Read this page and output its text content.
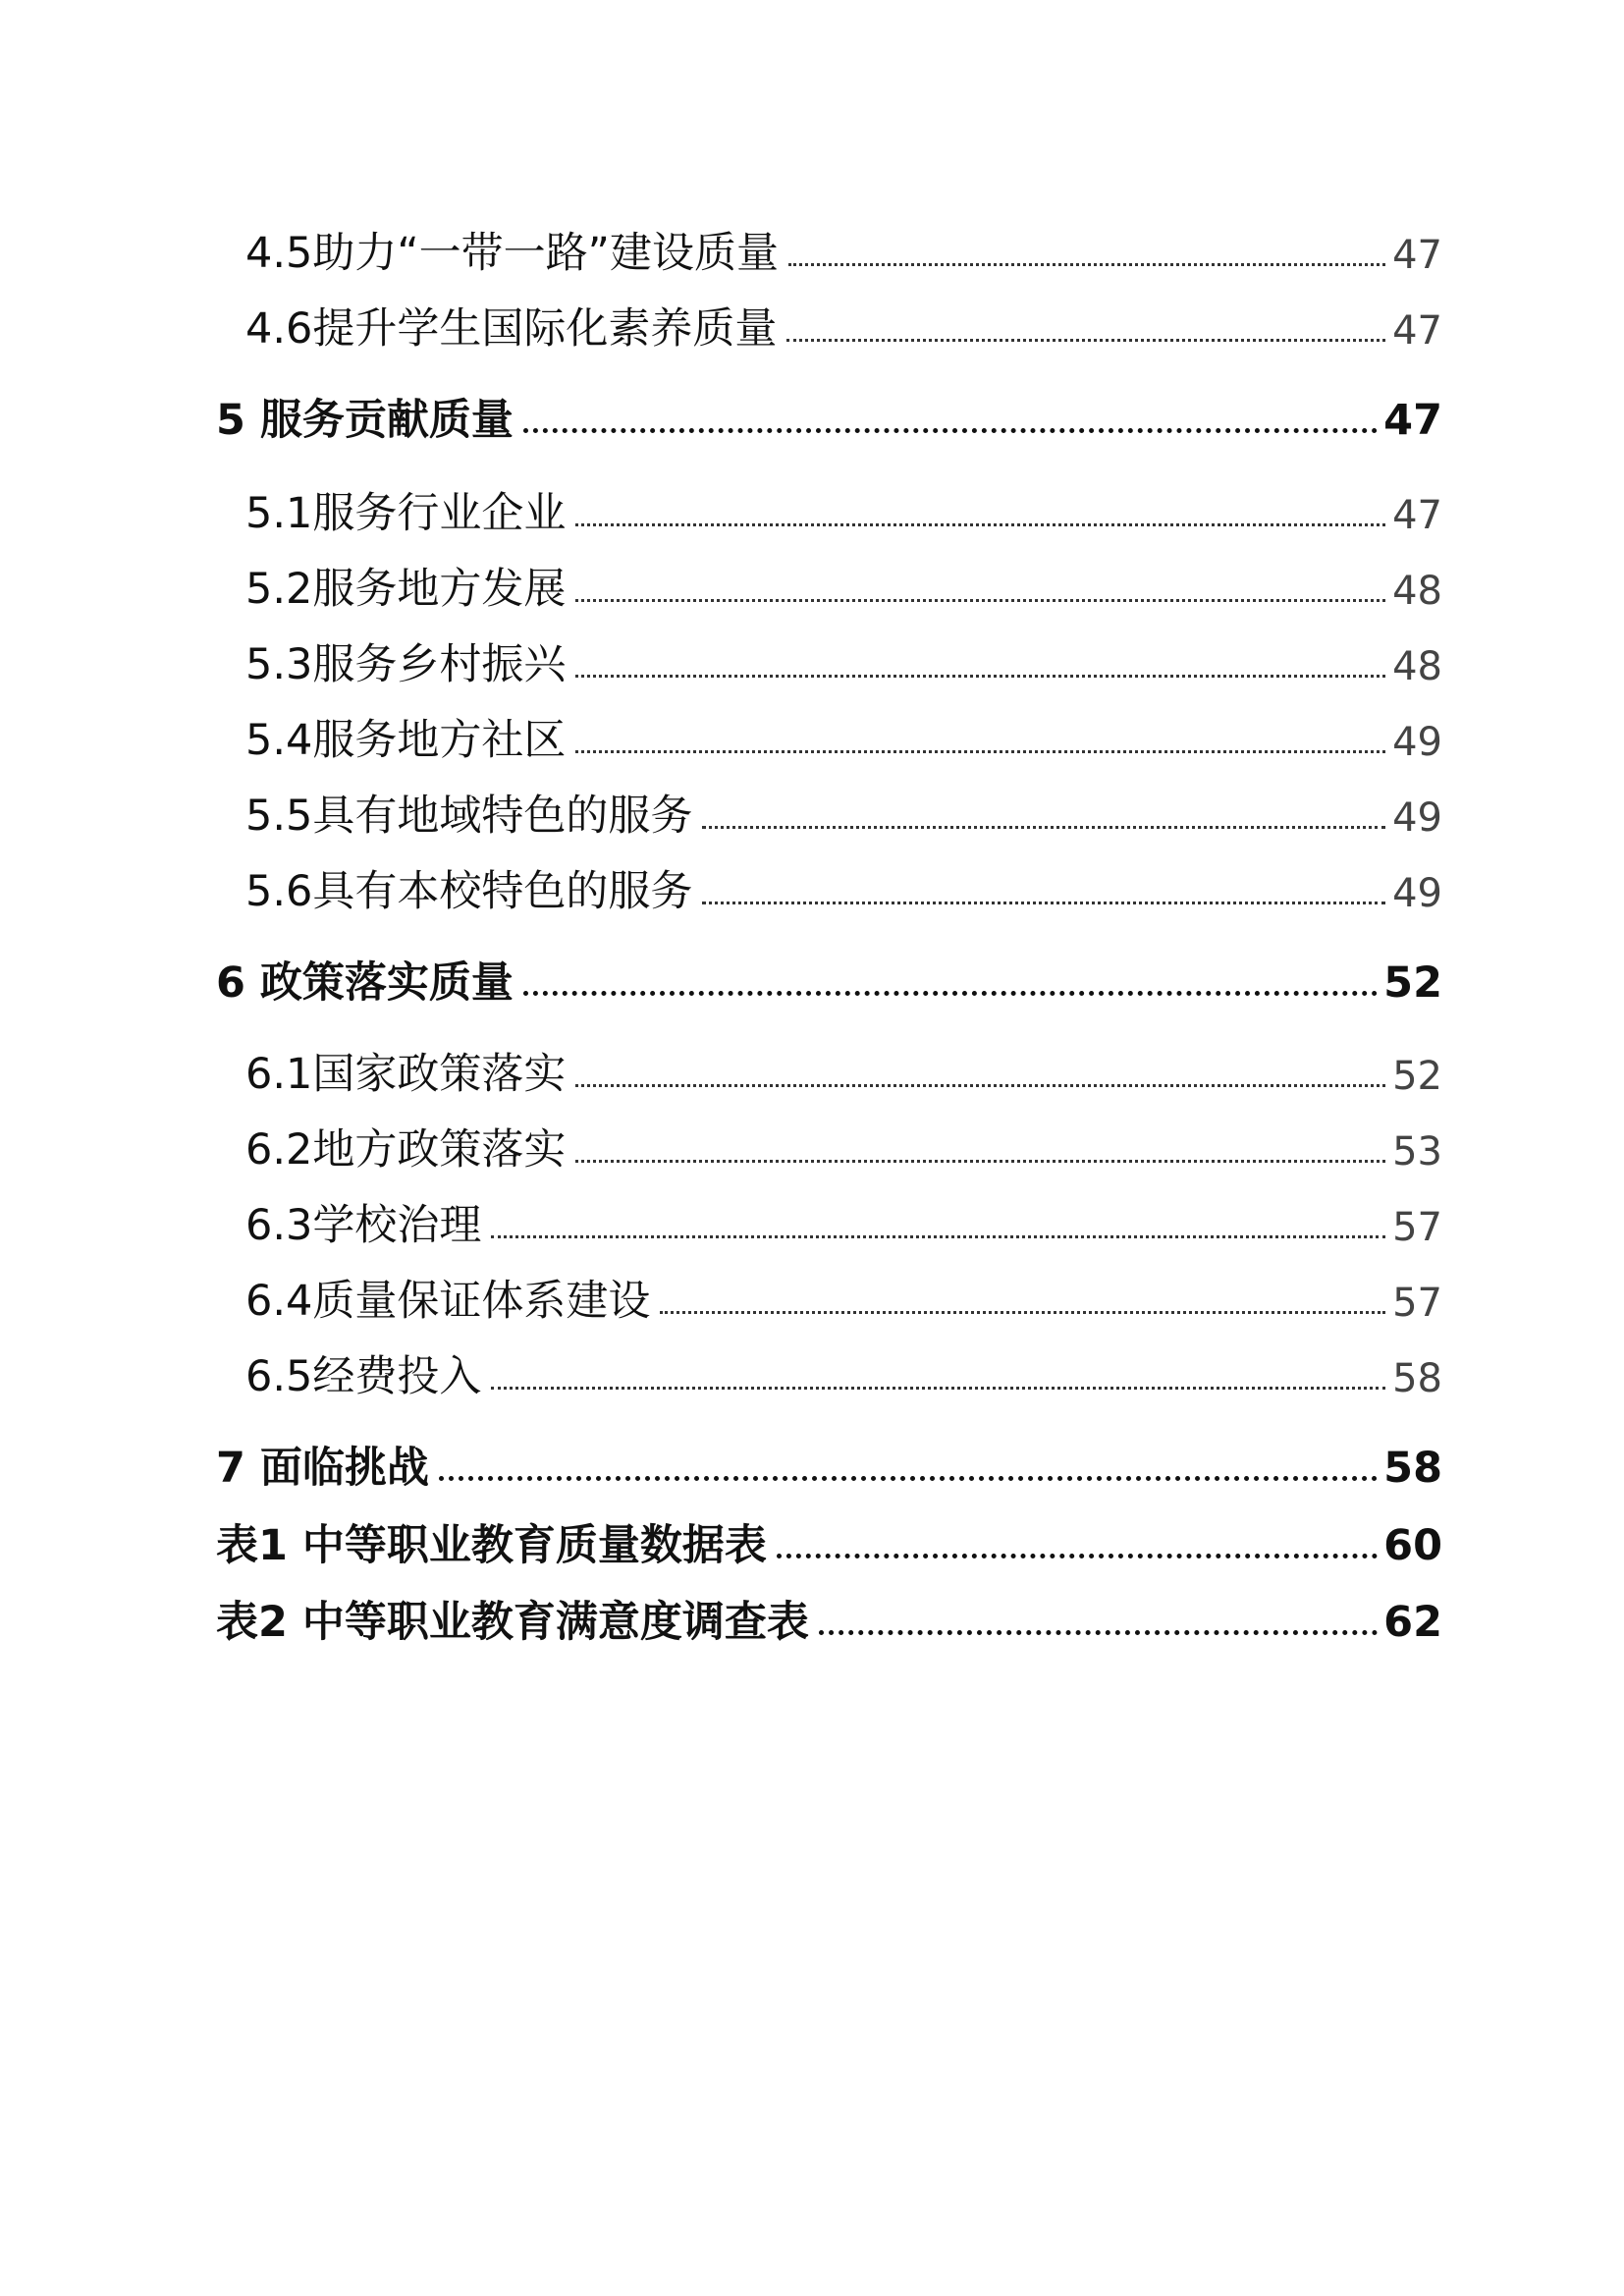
4.5助力“一带一路”建设质量	47
4.6提升学生国际化素养质量	47
5 服务贡献质量	47
5.1服务行业企业	47
5.2服务地方发展	48
5.3服务乡村振兴	48
5.4服务地方社区	49
5.5具有地域特色的服务	49
5.6具有本校特色的服务	49
6 政策落实质量	52
6.1国家政策落实	52
6.2地方政策落实	53
6.3学校治理	57
6.4质量保证体系建设	57
6.5经费投入	58
7 面临挑战	58
表1 中等职业教育质量数据表	60
表2 中等职业教育满意度调查表	62
